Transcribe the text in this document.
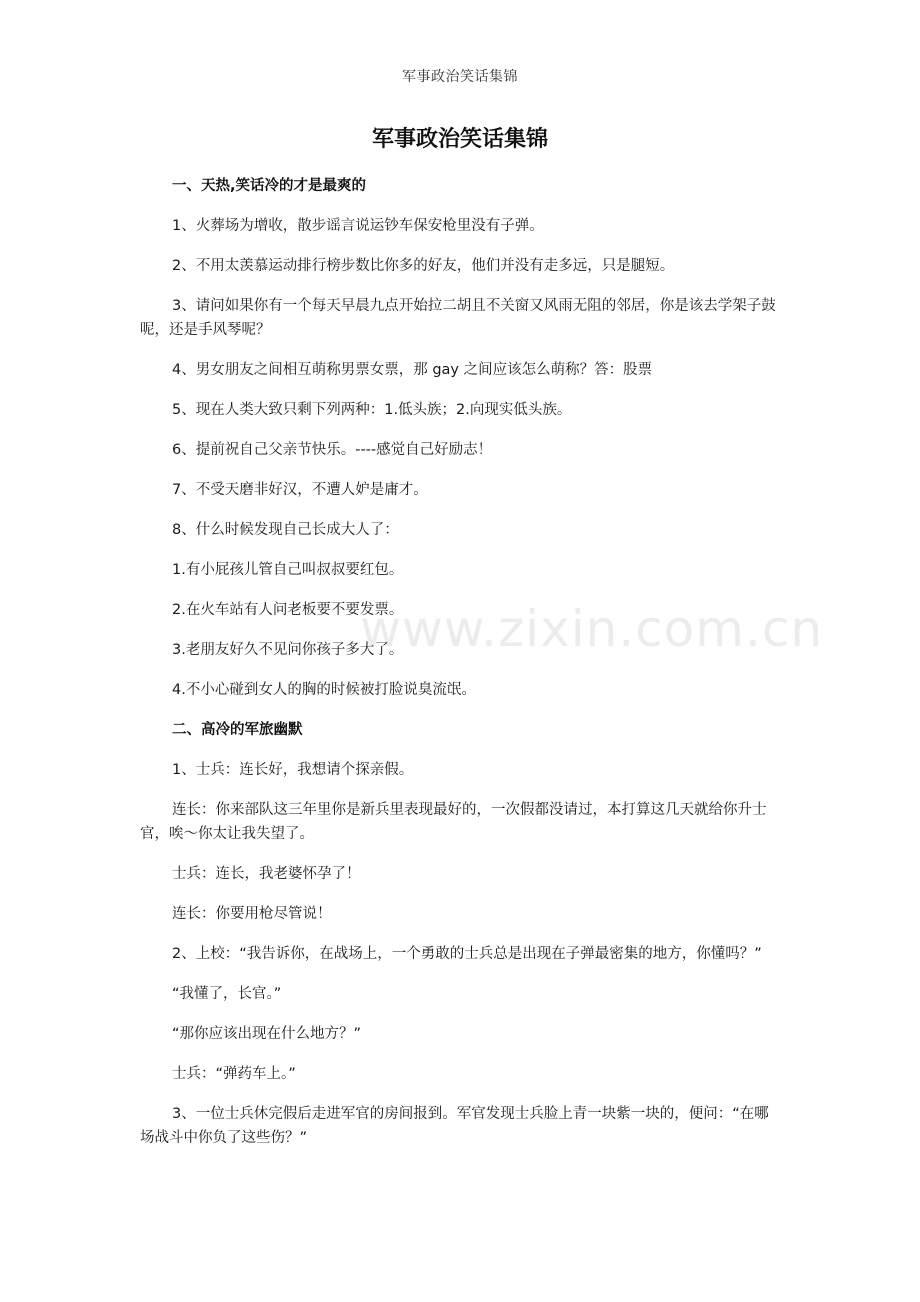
军事政治笑话集锦
军事政治笑话集锦

一、天热,笑话冷的才是最爽的

1、火葬场为增收，散步谣言说运钞车保安枪里没有子弹。

2、不用太羡慕运动排行榜步数比你多的好友，他们并没有走多远，只是腿短。

3、请问如果你有一个每天早晨九点开始拉二胡且不关窗又风雨无阻的邻居，你是该去学架子鼓呢，还是手风琴呢？

4、男女朋友之间相互萌称男票女票，那 gay 之间应该怎么萌称？答：股票

5、现在人类大致只剩下列两种：1.低头族；2.向现实低头族。

6、提前祝自己父亲节快乐。----感觉自己好励志！

7、不受天磨非好汉，不遭人妒是庸才。

8、什么时候发现自己长成大人了：

1.有小屁孩儿管自己叫叔叔要红包。

2.在火车站有人问老板要不要发票。

3.老朋友好久不见问你孩子多大了。

4.不小心碰到女人的胸的时候被打脸说臭流氓。

二、高冷的军旅幽默

1、士兵：连长好，我想请个探亲假。

连长：你来部队这三年里你是新兵里表现最好的，一次假都没请过，本打算这几天就给你升士官，唉～你太让我失望了。

士兵：连长，我老婆怀孕了！

连长：你要用枪尽管说！

2、上校：“我告诉你，在战场上，一个勇敢的士兵总是出现在子弹最密集的地方，你懂吗？”

“我懂了，长官。”

“那你应该出现在什么地方？”

士兵：“弹药车上。”

3、一位士兵休完假后走进军官的房间报到。军官发现士兵脸上青一块紫一块的，便问：“在哪场战斗中你负了这些伤？”

www.zixin.com.cn
